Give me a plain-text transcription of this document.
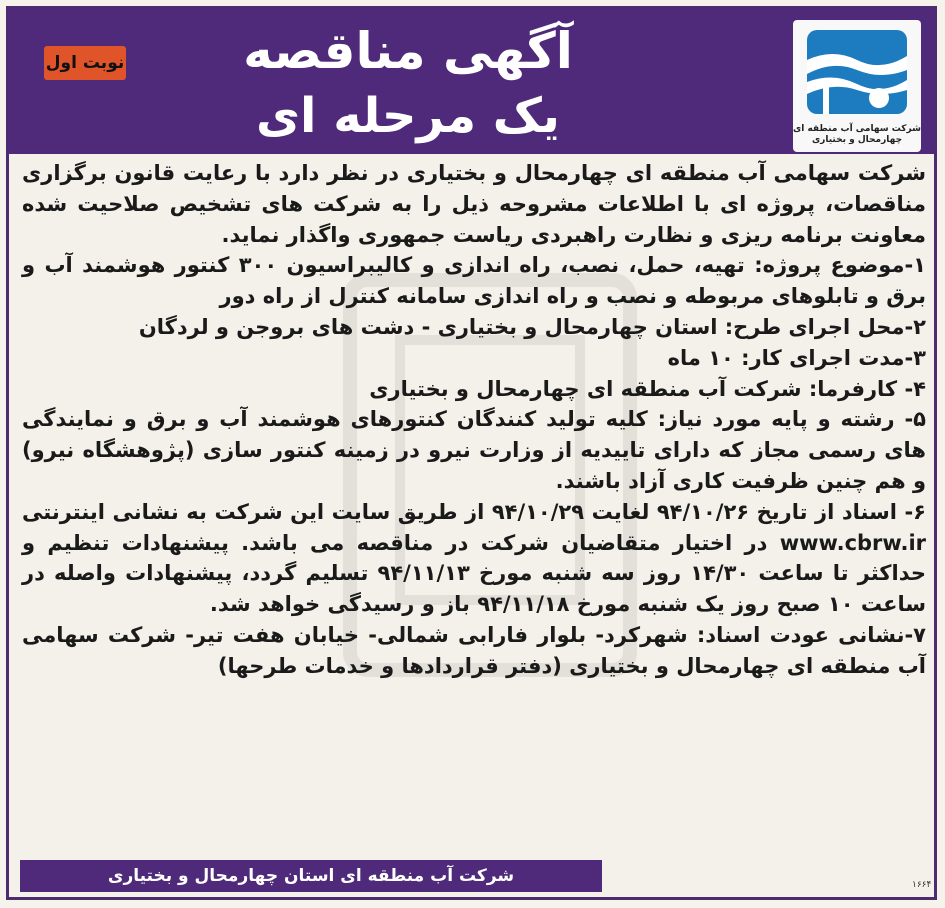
شرکت سهامی آب منطقه ای
چهارمحال و بختیاری
آگهی مناقصه
یک مرحله ای
نوبت اول

شرکت سهامی آب منطقه ای چهارمحال و بختیاری در نظر دارد با رعایت قانون برگزاری مناقصات، پروژه ای با اطلاعات مشروحه ذیل را به شرکت های تشخیص صلاحیت شده معاونت برنامه ریزی و نظارت راهبردی ریاست جمهوری واگذار نماید.

۱-موضوع پروژه: تهیه، حمل، نصب، راه اندازی و کالیبراسیون ۳۰۰ کنتور هوشمند آب و برق و تابلوهای مربوطه و نصب و راه اندازی سامانه کنترل از راه دور

۲-محل اجرای طرح: استان چهارمحال و بختیاری - دشت های بروجن و لردگان

۳-مدت اجرای کار: ۱۰ ماه

۴- کارفرما: شرکت آب منطقه ای چهارمحال و بختیاری

۵- رشته و پایه مورد نیاز: کلیه تولید کنندگان کنتورهای هوشمند آب و برق و نمایندگی های رسمی مجاز که دارای تاییدیه از وزارت نیرو در زمینه کنتور سازی (پژوهشگاه نیرو) و هم چنین ظرفیت کاری آزاد باشند.

۶- اسناد از تاریخ ۹۴/۱۰/۲۶ لغایت ۹۴/۱۰/۲۹ از طریق سایت این شرکت به نشانی اینترنتی www.cbrw.ir در اختیار متقاضیان شرکت در مناقصه می باشد. پیشنهادات تنظیم و حداکثر تا ساعت ۱۴/۳۰ روز سه شنبه مورخ ۹۴/۱۱/۱۳ تسلیم گردد، پیشنهادات واصله در ساعت ۱۰ صبح روز یک شنبه مورخ ۹۴/۱۱/۱۸ باز و رسیدگی خواهد شد.

۷-نشانی عودت اسناد: شهرکرد- بلوار فارابی شمالی- خیابان هفت تیر- شرکت سهامی آب منطقه ای چهارمحال و بختیاری (دفتر قراردادها و خدمات طرحها)

شرکت آب منطقه ای استان چهارمحال و بختیاری	۱۶۶۴
